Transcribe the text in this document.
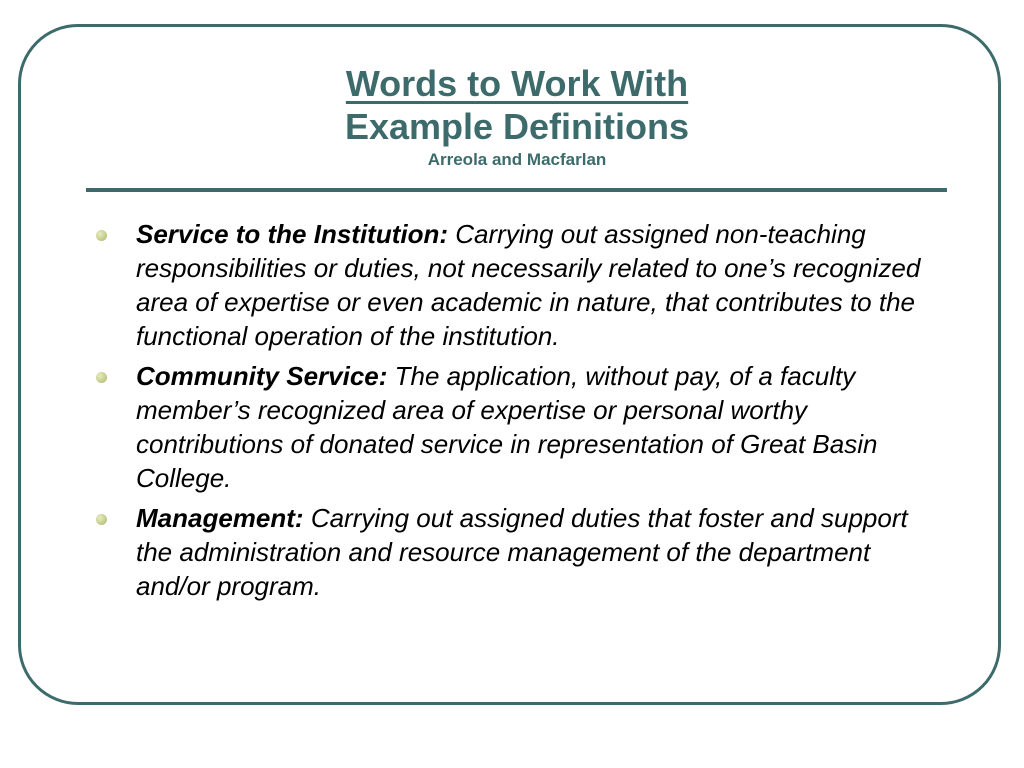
Words to Work With
Example Definitions
Arreola and Macfarlan
Service to the Institution: Carrying out assigned non-teaching responsibilities or duties, not necessarily related to one’s recognized area of expertise or even academic in nature, that contributes to the functional operation of the institution.
Community Service: The application, without pay, of a faculty member’s recognized area of expertise or personal worthy contributions of donated service in representation of Great Basin College.
Management: Carrying out assigned duties that foster and support the administration and resource management of the department and/or program.
